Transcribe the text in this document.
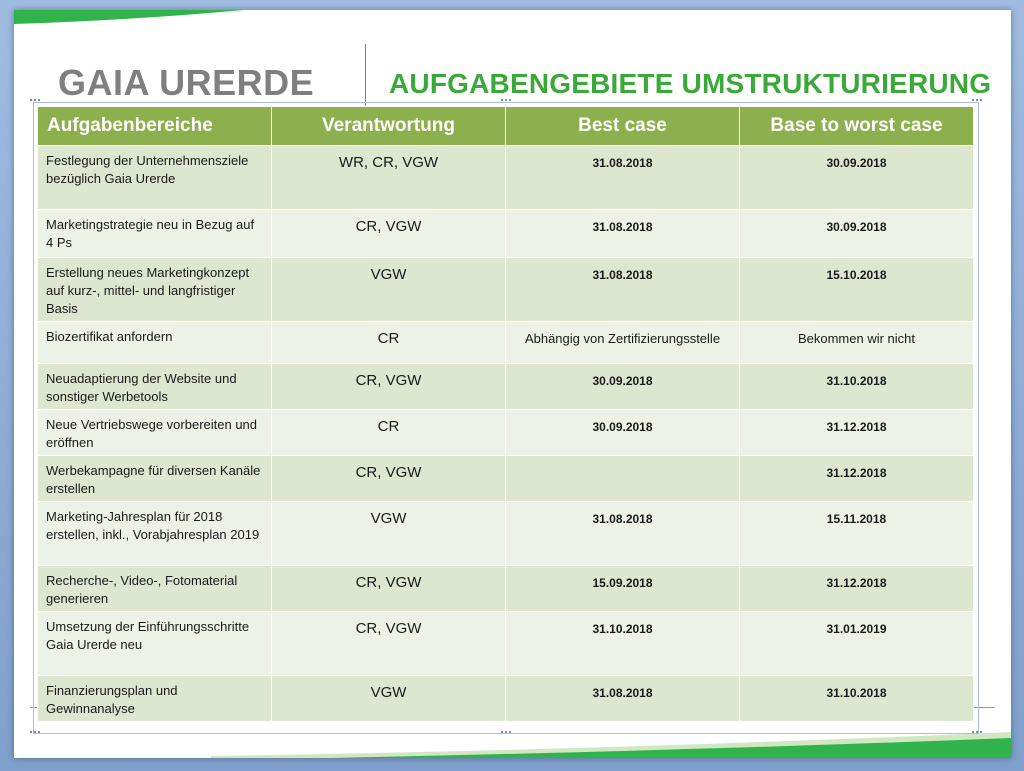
GAIA URERDE	AUFGABENGEBIETE UMSTRUKTURIERUNG
Aufgabenbereiche	Verantwortung	Best case	Base to worst case
Festlegung der Unternehmensziele bezüglich Gaia Urerde	WR, CR, VGW	31.08.2018	30.09.2018
Marketingstrategie neu in Bezug auf 4 Ps	CR, VGW	31.08.2018	30.09.2018
Erstellung neues Marketingkonzept auf kurz-, mittel- und langfristiger Basis	VGW	31.08.2018	15.10.2018
Biozertifikat anfordern	CR	Abhängig von Zertifizierungsstelle	Bekommen wir nicht
Neuadaptierung der Website und sonstiger Werbetools	CR, VGW	30.09.2018	31.10.2018
Neue Vertriebswege vorbereiten und eröffnen	CR	30.09.2018	31.12.2018
Werbekampagne für diversen Kanäle erstellen	CR, VGW		31.12.2018
Marketing-Jahresplan für 2018 erstellen, inkl., Vorabjahresplan 2019	VGW	31.08.2018	15.11.2018
Recherche-, Video-, Fotomaterial generieren	CR, VGW	15.09.2018	31.12.2018
Umsetzung der Einführungsschritte Gaia Urerde neu	CR, VGW	31.10.2018	31.01.2019
Finanzierungsplan und Gewinnanalyse	VGW	31.08.2018	31.10.2018
